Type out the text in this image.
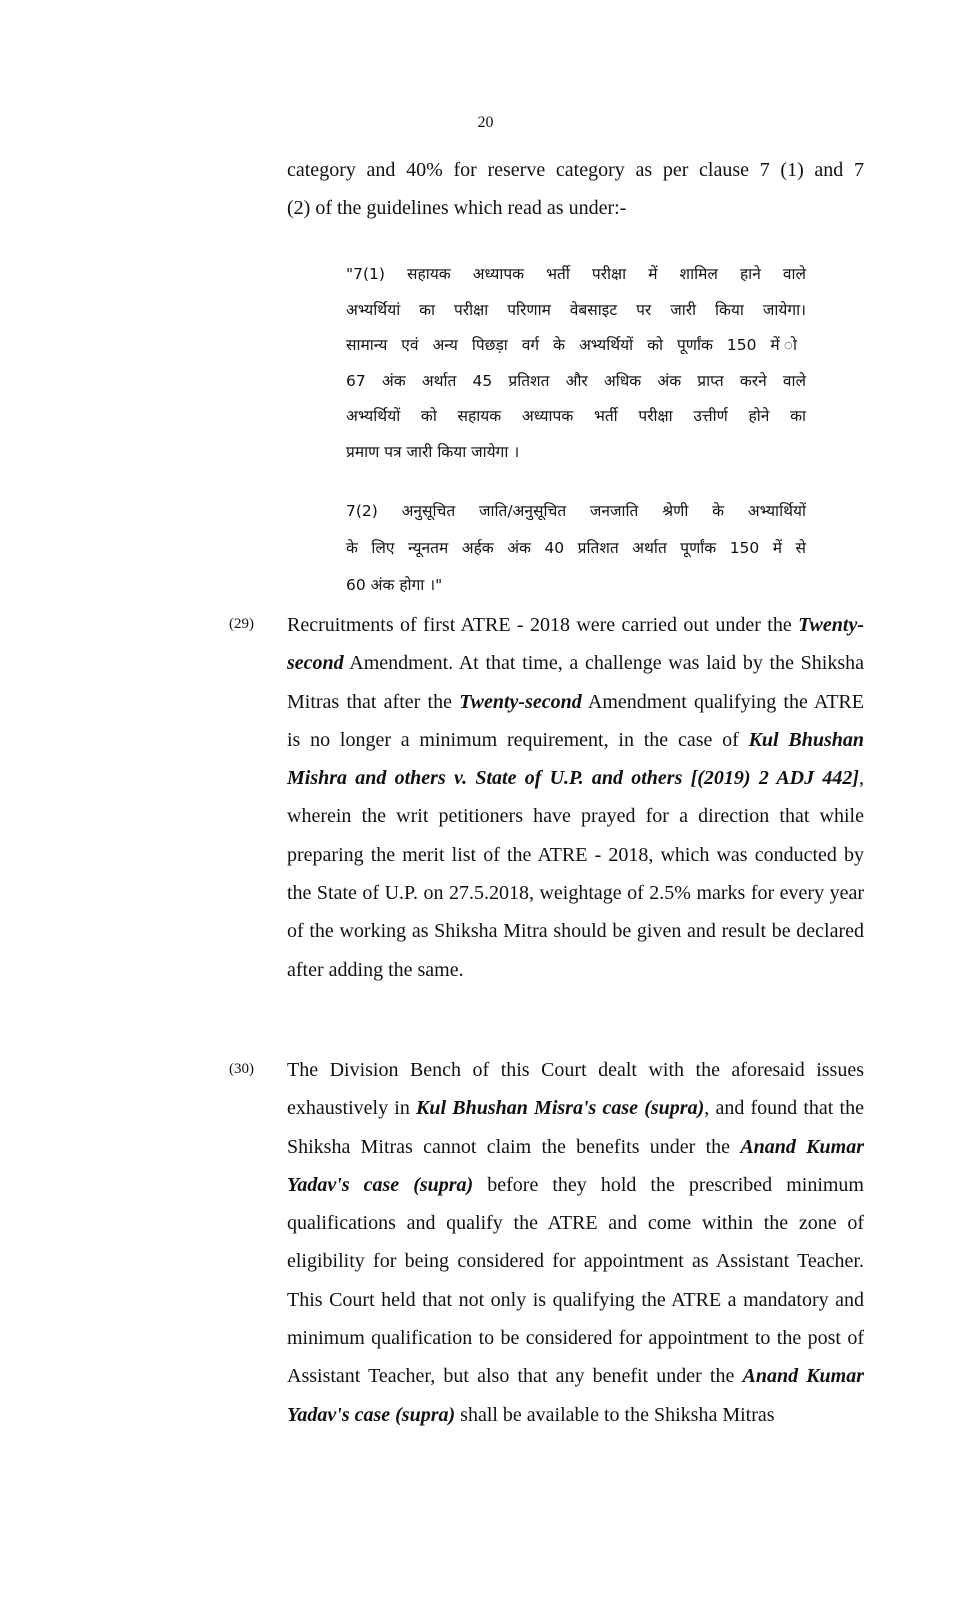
20
category and 40% for reserve category as per clause 7 (1) and 7
(2) of the guidelines which read as under:-
"7(1) सहायक अध्यापक भर्ती परीक्षा में शामिल हाने वाले
अभ्यर्थियां का परीक्षा परिणाम वेबसाइट पर जारी किया जायेगा।
सामान्य एवं अन्य पिछड़ा वर्ग के अभ्यर्थियों को पूर्णांक 150 में ो
67 अंक अर्थात 45 प्रतिशत और अधिक अंक प्राप्त करने वाले
अभ्यर्थियों को सहायक अध्यापक भर्ती परीक्षा उत्तीर्ण होने का
प्रमाण पत्र जारी किया जायेगा ।
7(2) अनुसूचित जाति/अनुसूचित जनजाति श्रेणी के अभ्यार्थियों
के लिए न्यूनतम अर्हक अंक 40 प्रतिशत अर्थात पूर्णांक 150 में से
60 अंक होगा ।"
(29) Recruitments of first ATRE - 2018 were carried out under the Twenty-second Amendment. At that time, a challenge was laid by the Shiksha Mitras that after the Twenty-second Amendment qualifying the ATRE is no longer a minimum requirement, in the case of Kul Bhushan Mishra and others v. State of U.P. and others [(2019) 2 ADJ 442], wherein the writ petitioners have prayed for a direction that while preparing the merit list of the ATRE - 2018, which was conducted by the State of U.P. on 27.5.2018, weightage of 2.5% marks for every year of the working as Shiksha Mitra should be given and result be declared after adding the same.
(30) The Division Bench of this Court dealt with the aforesaid issues exhaustively in Kul Bhushan Misra's case (supra), and found that the Shiksha Mitras cannot claim the benefits under the Anand Kumar Yadav's case (supra) before they hold the prescribed minimum qualifications and qualify the ATRE and come within the zone of eligibility for being considered for appointment as Assistant Teacher. This Court held that not only is qualifying the ATRE a mandatory and minimum qualification to be considered for appointment to the post of Assistant Teacher, but also that any benefit under the Anand Kumar Yadav's case (supra) shall be available to the Shiksha Mitras
